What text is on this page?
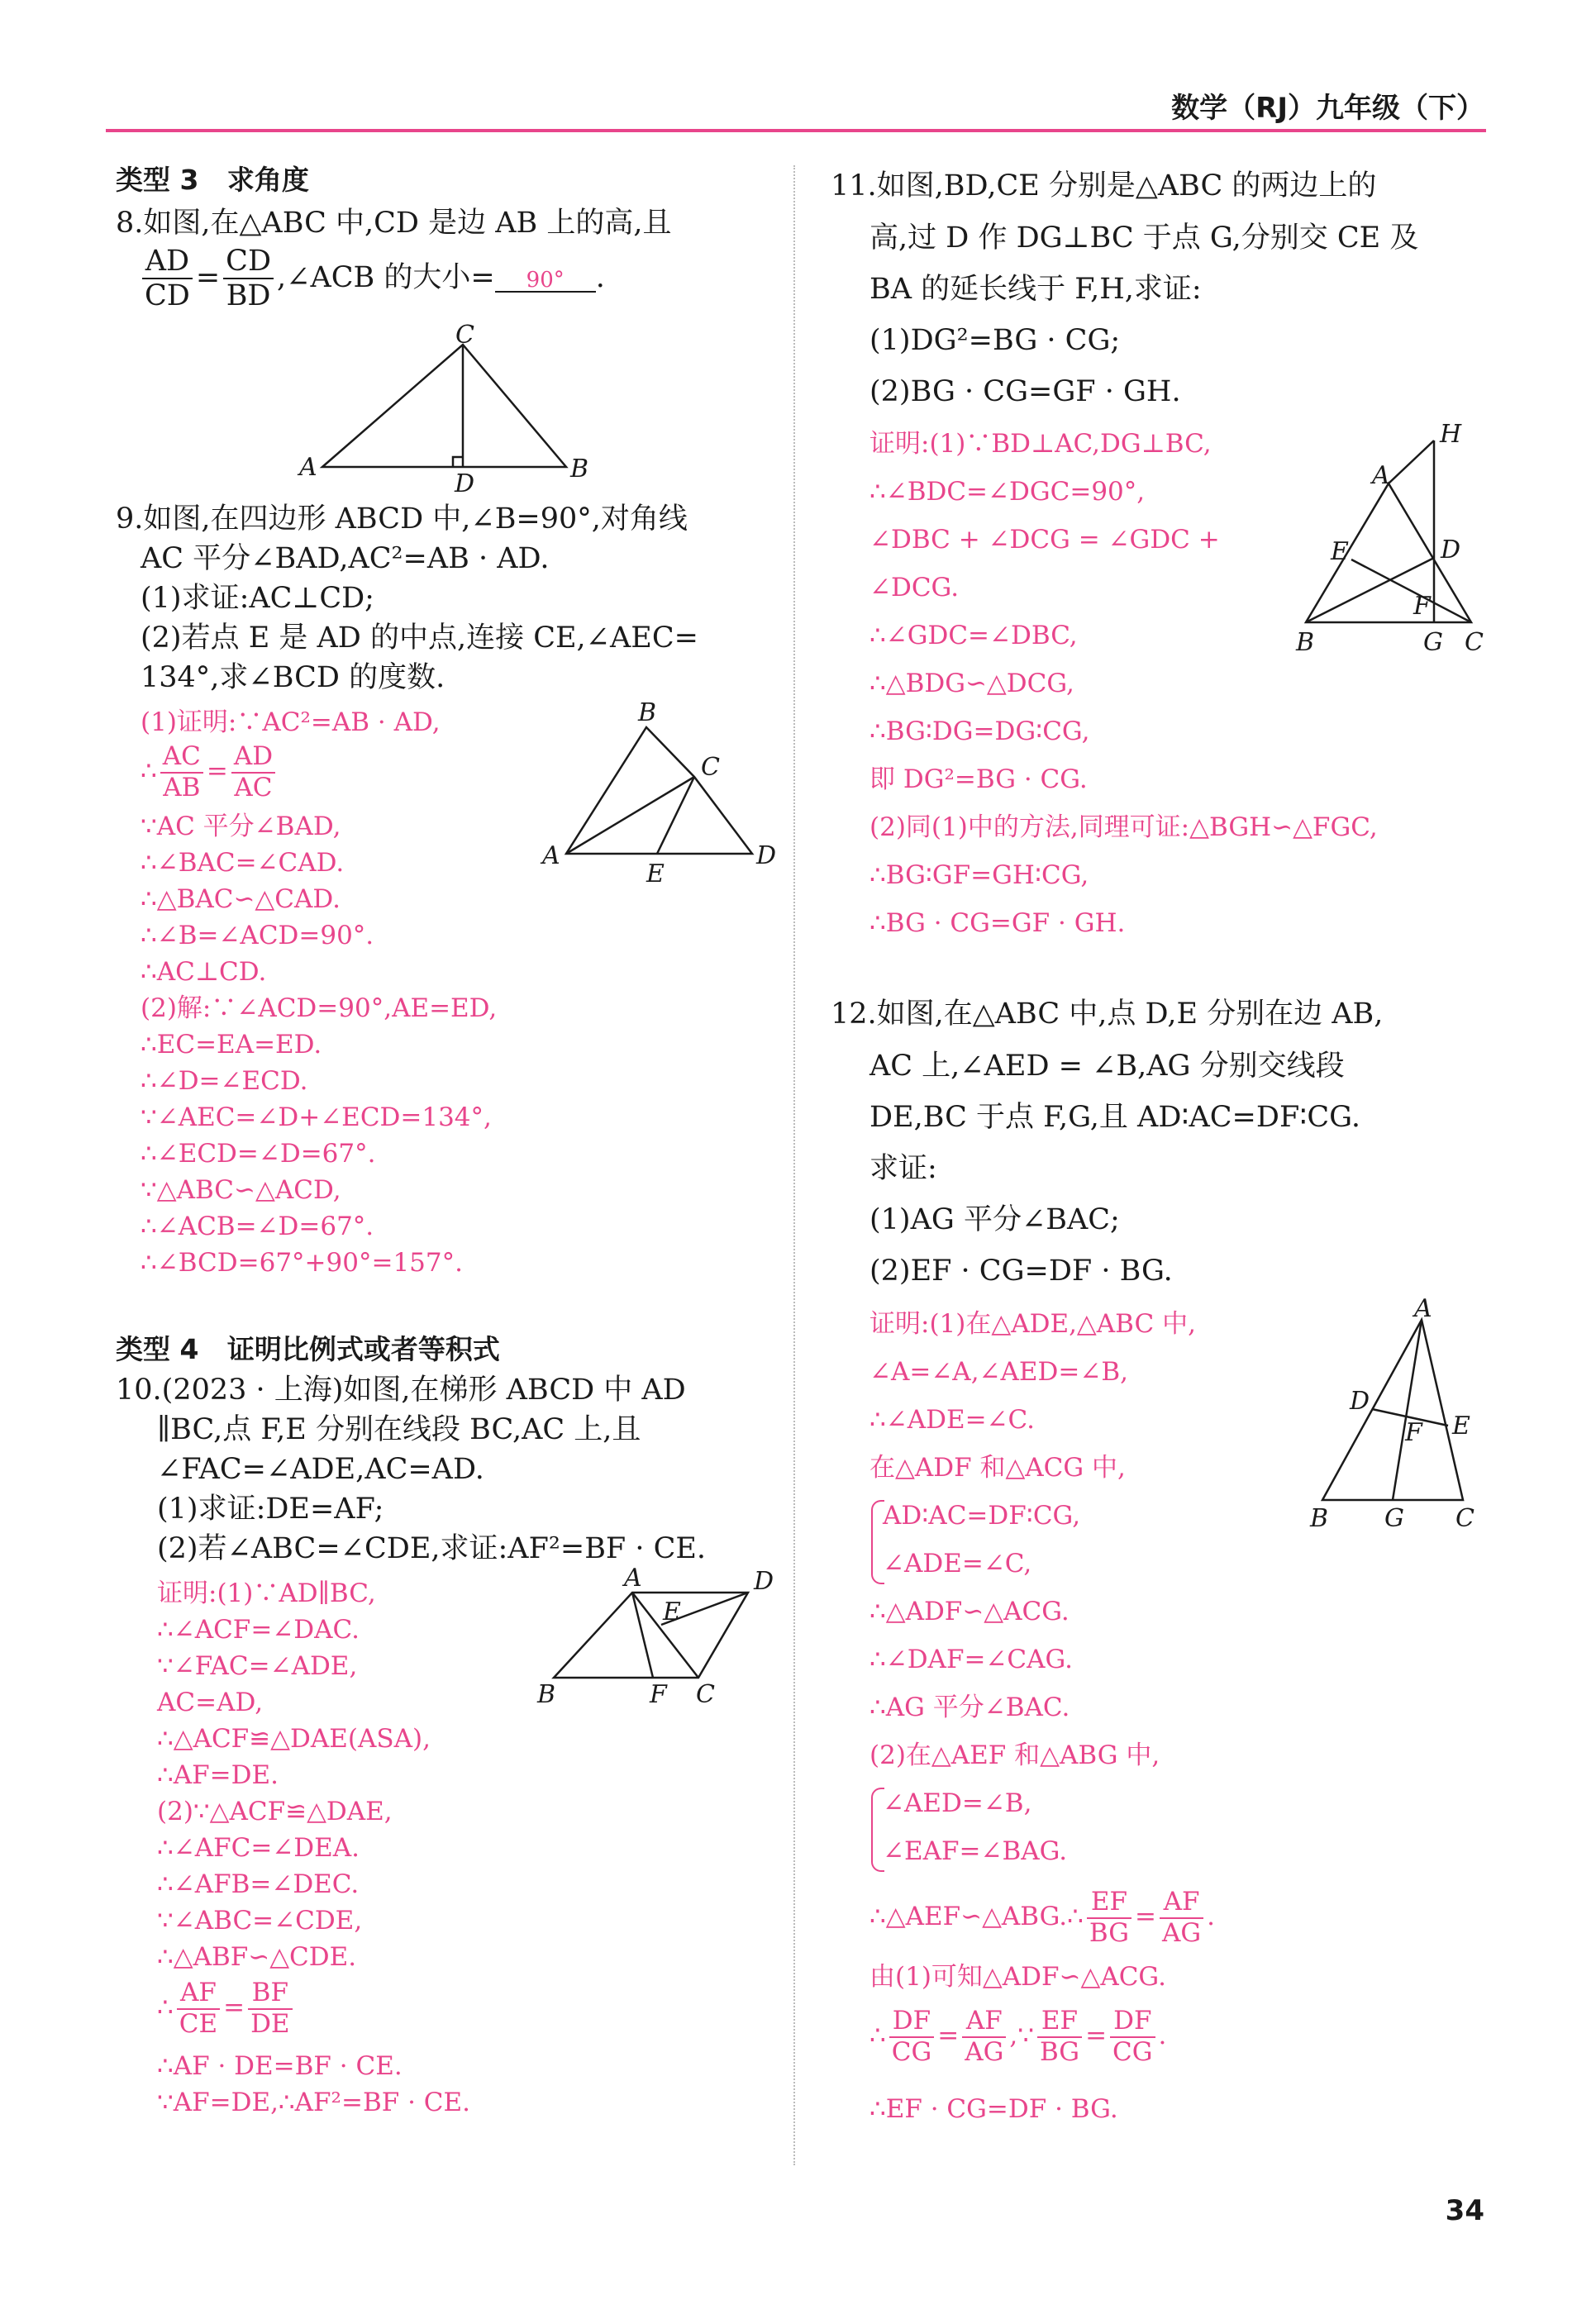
数学（RJ）九年级（下）
类型 3 求角度
8.如图,在△ABC 中,CD 是边 AB 上的高,且
$\frac{AD}{CD} = \frac{CD}{BD}$ ,∠ACB 的大小= 90° .
C
A
D
B
9.如图,在四边形 ABCD 中,∠B=90°,对角线
AC 平分∠BAD,AC²=AB · AD.
(1)求证:AC⊥CD;
(2)若点 E 是 AD 的中点,连接 CE,∠AEC=
134°,求∠BCD 的度数.
(1)证明:∵AC²=AB · AD,
∴ $\frac{AC}{AB} = \frac{AD}{AC}$
∵AC 平分∠BAD,
∴∠BAC=∠CAD.
∴△BAC∽△CAD.
∴∠B=∠ACD=90°.
∴AC⊥CD.
(2)解:∵∠ACD=90°,AE=ED,
∴EC=EA=ED.
∴∠D=∠ECD.
∵∠AEC=∠D+∠ECD=134°,
∴∠ECD=∠D=67°.
∵△ABC∽△ACD,
∴∠ACB=∠D=67°.
∴∠BCD=67°+90°=157°.
B
C
A
E
D
类型 4 证明比例式或者等积式
10.(2023 · 上海)如图,在梯形 ABCD 中 AD
∥BC,点 F,E 分别在线段 BC,AC 上,且
∠FAC=∠ADE,AC=AD.
(1)求证:DE=AF;
(2)若∠ABC=∠CDE,求证:AF²=BF · CE.
证明:(1)∵AD∥BC,
∴∠ACF=∠DAC.
∵∠FAC=∠ADE,
AC=AD,
∴△ACF≌△DAE(ASA),
∴AF=DE.
(2)∵△ACF≌△DAE,
∴∠AFC=∠DEA.
∴∠AFB=∠DEC.
∵∠ABC=∠CDE,
∴△ABF∽△CDE.
∴ $\frac{AF}{CE} = \frac{BF}{DE}$
∴AF · DE=BF · CE.
∵AF=DE,∴AF²=BF · CE.
A	D
E
B	F C
11.如图,BD,CE 分别是△ABC 的两边上的
高,过 D 作 DG⊥BC 于点 G,分别交 CE 及
BA 的延长线于 F,H,求证:
(1)DG²=BG · CG;
(2)BG · CG=GF · GH.
证明:(1)∵BD⊥AC,DG⊥BC,
∴∠BDC=∠DGC=90°,
∠DBC + ∠DCG = ∠GDC +
∠DCG.
∴∠GDC=∠DBC,
∴△BDG∽△DCG,
∴BG∶DG=DG∶CG,
即 DG²=BG · CG.
(2)同(1)中的方法,同理可证:△BGH∽△FGC,
∴BG∶GF=GH∶CG,
∴BG · CG=GF · GH.
H
A
E	D
F
B	G C
12.如图,在△ABC 中,点 D,E 分别在边 AB,
AC 上,∠AED = ∠B,AG 分别交线段
DE,BC 于点 F,G,且 AD∶AC=DF∶CG.
求证:
(1)AG 平分∠BAC;
(2)EF · CG=DF · BG.
证明:(1)在△ADE,△ABC 中,
∠A=∠A,∠AED=∠B,
∴∠ADE=∠C.
在△ADF 和△ACG 中,
AD∶AC=DF∶CG,
∠ADE=∠C,
∴△ADF∽△ACG.
∴∠DAF=∠CAG.
∴AG 平分∠BAC.
(2)在△AEF 和△ABG 中,
∠AED=∠B,
∠EAF=∠BAG.
∴△AEF∽△ABG.∴ $\frac{EF}{BG} = \frac{AF}{AG}$ .
由(1)可知△ADF∽△ACG.
∴ $\frac{DF}{CG} = \frac{AF}{AG}$ ,∵ $\frac{EF}{BG} = \frac{DF}{CG}$ .
∴EF · CG=DF · BG.
A
D
F E
B G C
34
